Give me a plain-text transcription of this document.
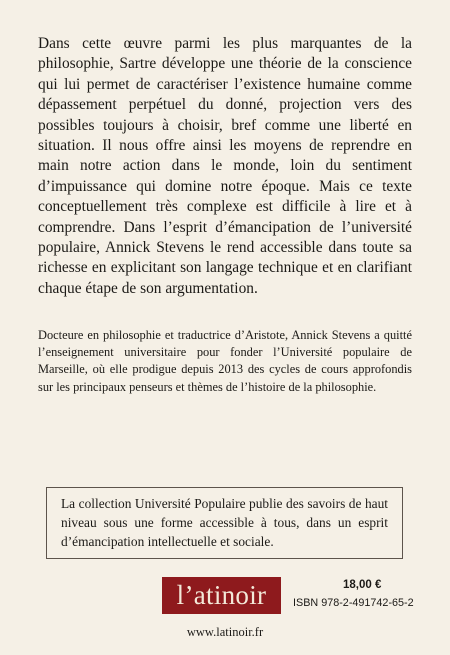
Dans cette œuvre parmi les plus marquantes de la philosophie, Sartre développe une théorie de la conscience qui lui permet de caractériser l’existence humaine comme dépassement perpétuel du donné, projection vers des possibles toujours à choisir, bref comme une liberté en situation. Il nous offre ainsi les moyens de reprendre en main notre action dans le monde, loin du sentiment d’impuissance qui domine notre époque. Mais ce texte conceptuellement très complexe est difficile à lire et à comprendre. Dans l’esprit d’émancipation de l’université populaire, Annick Stevens le rend accessible dans toute sa richesse en explicitant son langage technique et en clarifiant chaque étape de son argumentation.

Docteure en philosophie et traductrice d’Aristote, Annick Stevens a quitté l’enseignement universitaire pour fonder l’Université populaire de Marseille, où elle prodigue depuis 2013 des cycles de cours approfondis sur les principaux penseurs et thèmes de l’histoire de la philosophie.

La collection Université Populaire publie des savoirs de haut niveau sous une forme accessible à tous, dans un esprit d’émancipation intellectuelle et sociale.

l’atinoir	18,00 €
ISBN 978-2-491742-65-2
www.latinoir.fr
